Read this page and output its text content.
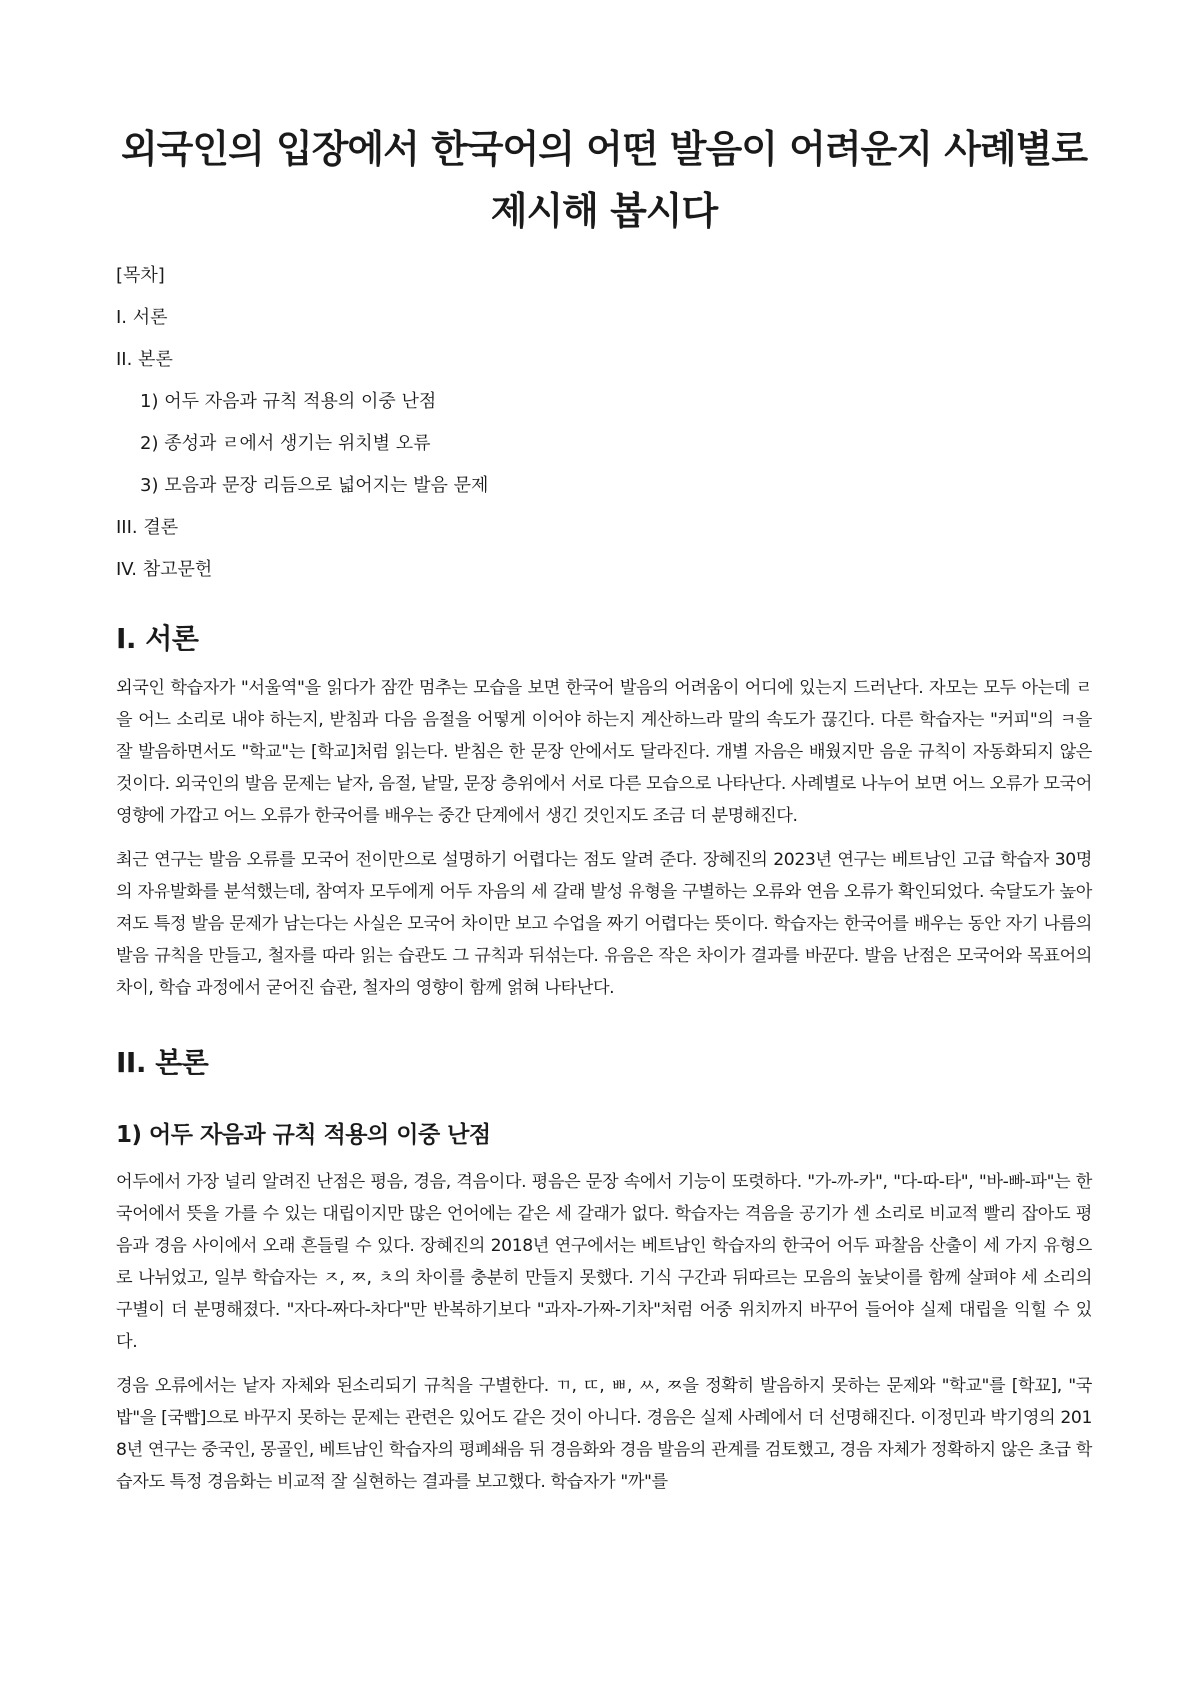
외국인의 입장에서 한국어의 어떤 발음이 어려운지 사례별로 제시해 봅시다
[목차]
I. 서론
II. 본론
1) 어두 자음과 규칙 적용의 이중 난점
2) 종성과 ㄹ에서 생기는 위치별 오류
3) 모음과 문장 리듬으로 넓어지는 발음 문제
III. 결론
IV. 참고문헌
I. 서론

외국인 학습자가 "서울역"을 읽다가 잠깐 멈추는 모습을 보면 한국어 발음의 어려움이 어디에 있는지 드러난다. 자모는 모두 아는데 ㄹ을 어느 소리로 내야 하는지, 받침과 다음 음절을 어떻게 이어야 하는지 계산하느라 말의 속도가 끊긴다. 다른 학습자는 "커피"의 ㅋ을 잘 발음하면서도 "학교"는 [학교]처럼 읽는다. 받침은 한 문장 안에서도 달라진다. 개별 자음은 배웠지만 음운 규칙이 자동화되지 않은 것이다. 외국인의 발음 문제는 낱자, 음절, 낱말, 문장 층위에서 서로 다른 모습으로 나타난다. 사례별로 나누어 보면 어느 오류가 모국어 영향에 가깝고 어느 오류가 한국어를 배우는 중간 단계에서 생긴 것인지도 조금 더 분명해진다.

최근 연구는 발음 오류를 모국어 전이만으로 설명하기 어렵다는 점도 알려 준다. 장혜진의 2023년 연구는 베트남인 고급 학습자 30명의 자유발화를 분석했는데, 참여자 모두에게 어두 자음의 세 갈래 발성 유형을 구별하는 오류와 연음 오류가 확인되었다. 숙달도가 높아져도 특정 발음 문제가 남는다는 사실은 모국어 차이만 보고 수업을 짜기 어렵다는 뜻이다. 학습자는 한국어를 배우는 동안 자기 나름의 발음 규칙을 만들고, 철자를 따라 읽는 습관도 그 규칙과 뒤섞는다. 유음은 작은 차이가 결과를 바꾼다. 발음 난점은 모국어와 목표어의 차이, 학습 과정에서 굳어진 습관, 철자의 영향이 함께 얽혀 나타난다.

II. 본론
1) 어두 자음과 규칙 적용의 이중 난점

어두에서 가장 널리 알려진 난점은 평음, 경음, 격음이다. 평음은 문장 속에서 기능이 또렷하다. "가-까-카", "다-따-타", "바-빠-파"는 한국어에서 뜻을 가를 수 있는 대립이지만 많은 언어에는 같은 세 갈래가 없다. 학습자는 격음을 공기가 센 소리로 비교적 빨리 잡아도 평음과 경음 사이에서 오래 흔들릴 수 있다. 장혜진의 2018년 연구에서는 베트남인 학습자의 한국어 어두 파찰음 산출이 세 가지 유형으로 나뉘었고, 일부 학습자는 ㅈ, ㅉ, ㅊ의 차이를 충분히 만들지 못했다. 기식 구간과 뒤따르는 모음의 높낮이를 함께 살펴야 세 소리의 구별이 더 분명해졌다. "자다-짜다-차다"만 반복하기보다 "과자-가짜-기차"처럼 어중 위치까지 바꾸어 들어야 실제 대립을 익힐 수 있다.

경음 오류에서는 낱자 자체와 된소리되기 규칙을 구별한다. ㄲ, ㄸ, ㅃ, ㅆ, ㅉ을 정확히 발음하지 못하는 문제와 "학교"를 [학꾜], "국밥"을 [국빱]으로 바꾸지 못하는 문제는 관련은 있어도 같은 것이 아니다. 경음은 실제 사례에서 더 선명해진다. 이정민과 박기영의 2018년 연구는 중국인, 몽골인, 베트남인 학습자의 평폐쇄음 뒤 경음화와 경음 발음의 관계를 검토했고, 경음 자체가 정확하지 않은 초급 학습자도 특정 경음화는 비교적 잘 실현하는 결과를 보고했다. 학습자가 "까"를
